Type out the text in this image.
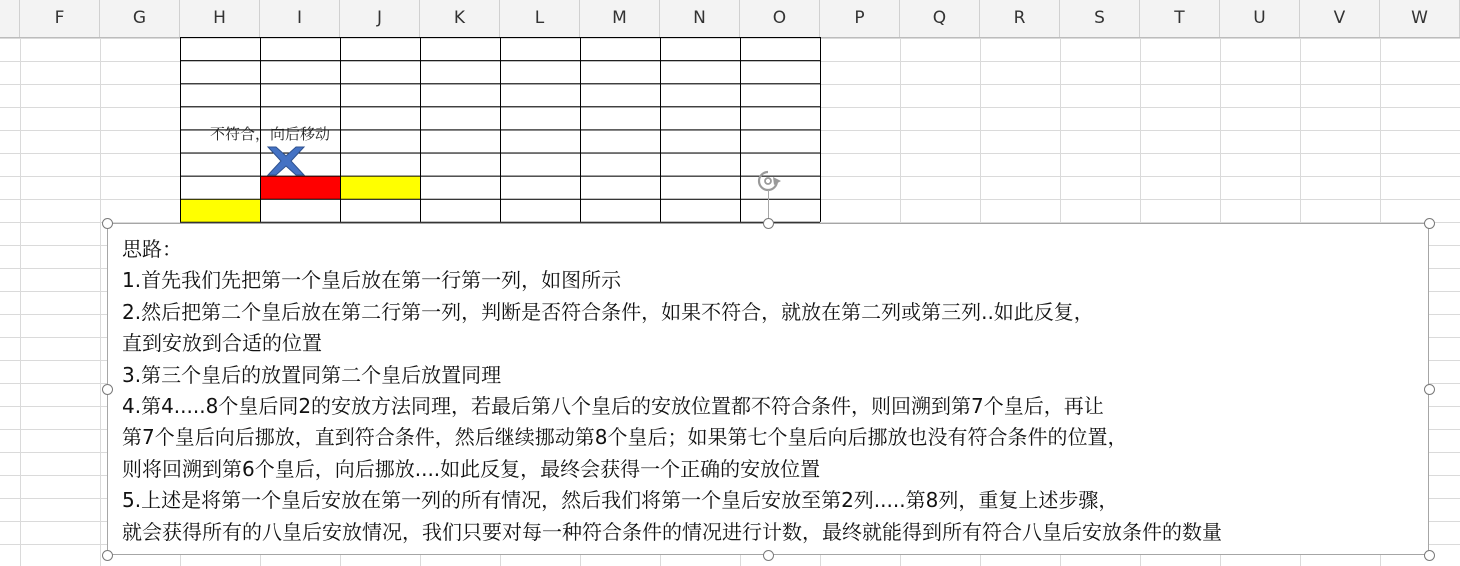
F	G	H	I	J	K	L	M	N	O	P	Q	R	S	T	U	V	W
不符合，向后移动
思路：
1.首先我们先把第一个皇后放在第一行第一列，如图所示
2.然后把第二个皇后放在第二行第一列，判断是否符合条件，如果不符合，就放在第二列或第三列..如此反复，
直到安放到合适的位置
3.第三个皇后的放置同第二个皇后放置同理
4.第4.....8个皇后同2的安放方法同理，若最后第八个皇后的安放位置都不符合条件，则回溯到第7个皇后，再让
第7个皇后向后挪放，直到符合条件，然后继续挪动第8个皇后；如果第七个皇后向后挪放也没有符合条件的位置，
则将回溯到第6个皇后，向后挪放....如此反复，最终会获得一个正确的安放位置
5.上述是将第一个皇后安放在第一列的所有情况，然后我们将第一个皇后安放至第2列.....第8列，重复上述步骤，
就会获得所有的八皇后安放情况，我们只要对每一种符合条件的情况进行计数，最终就能得到所有符合八皇后安放条件的数量
